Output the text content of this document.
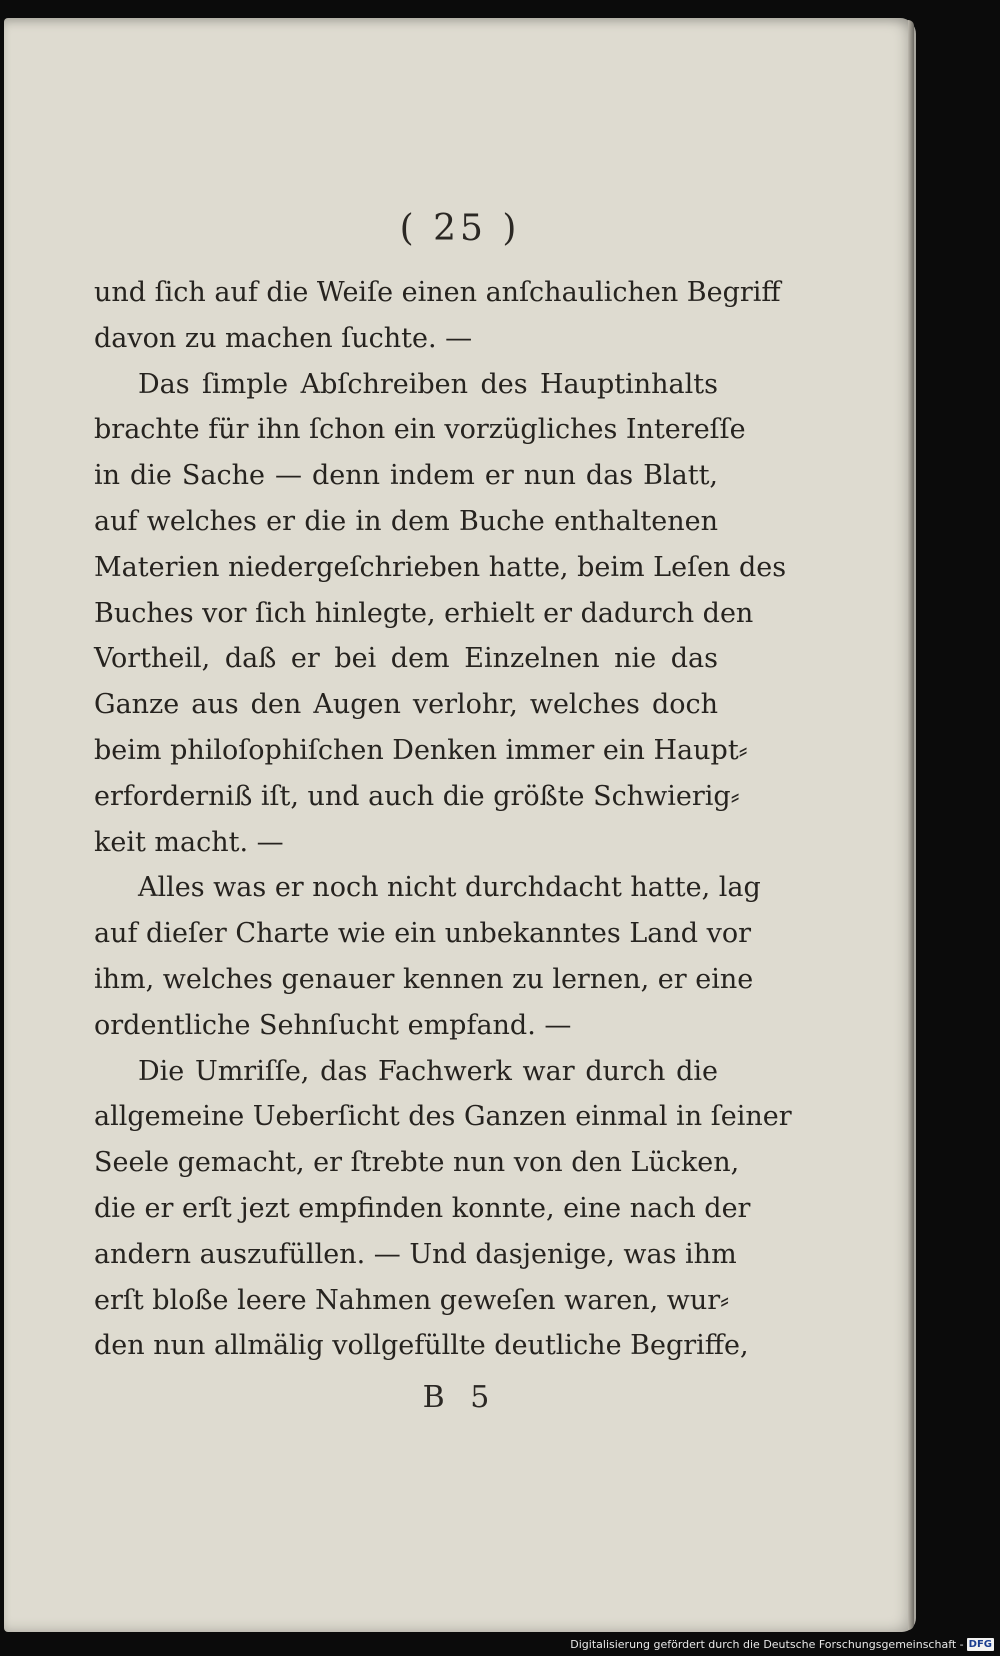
( 25 )
und ſich auf die Weiſe einen anſchaulichen Begriff
davon zu machen ſuchte. —
Das ſimple Abſchreiben des Hauptinhalts
brachte für ihn ſchon ein vorzügliches Intereſſe
in die Sache — denn indem er nun das Blatt,
auf welches er die in dem Buche enthaltenen
Materien niedergeſchrieben hatte, beim Leſen des
Buches vor ſich hinlegte, erhielt er dadurch den
Vortheil, daß er bei dem Einzelnen nie das
Ganze aus den Augen verlohr, welches doch
beim philoſophiſchen Denken immer ein Haupt⸗
erforderniß iſt, und auch die größte Schwierig⸗
keit macht. —
Alles was er noch nicht durchdacht hatte, lag
auf dieſer Charte wie ein unbekanntes Land vor
ihm, welches genauer kennen zu lernen, er eine
ordentliche Sehnſucht empfand. —
Die Umriſſe, das Fachwerk war durch die
allgemeine Ueberſicht des Ganzen einmal in ſeiner
Seele gemacht, er ſtrebte nun von den Lücken,
die er erſt jezt empfinden konnte, eine nach der
andern auszufüllen. — Und dasjenige, was ihm
erſt bloße leere Nahmen geweſen waren, wur⸗
den nun allmälig vollgefüllte deutliche Begriffe,
B 5
Digitalisierung gefördert durch die Deutsche Forschungsgemeinschaft - DFG
